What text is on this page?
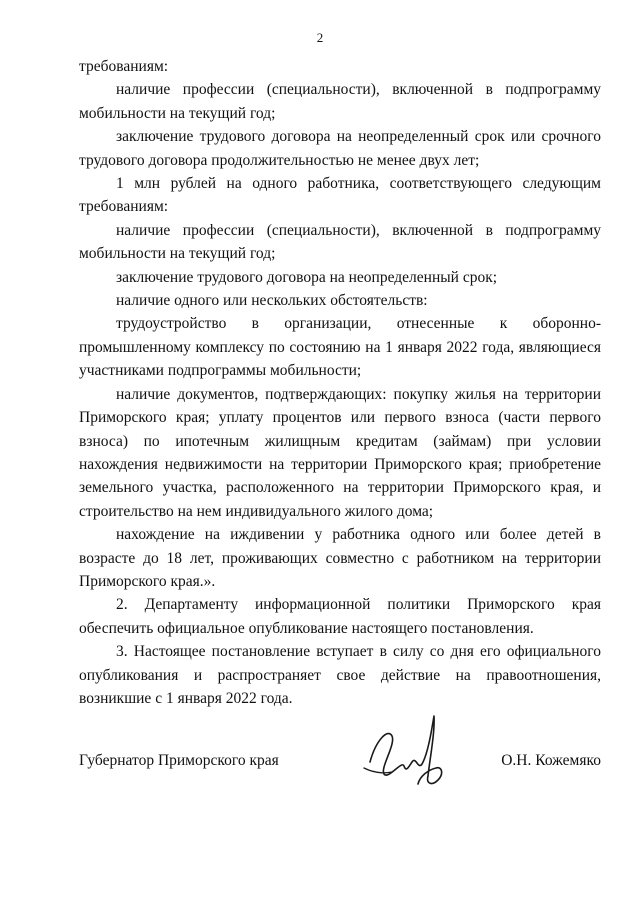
2

требованиям:

наличие профессии (специальности), включенной в подпрограмму мобильности на текущий год;

заключение трудового договора на неопределенный срок или срочного трудового договора продолжительностью не менее двух лет;

1 млн рублей на одного работника, соответствующего следующим требованиям:

наличие профессии (специальности), включенной в подпрограмму мобильности на текущий год;

заключение трудового договора на неопределенный срок;

наличие одного или нескольких обстоятельств:

трудоустройство в организации, отнесенные к оборонно-промышленному комплексу по состоянию на 1 января 2022 года, являющиеся участниками подпрограммы мобильности;

наличие документов, подтверждающих: покупку жилья на территории Приморского края; уплату процентов или первого взноса (части первого взноса) по ипотечным жилищным кредитам (займам) при условии нахождения недвижимости на территории Приморского края; приобретение земельного участка, расположенного на территории Приморского края, и строительство на нем индивидуального жилого дома;

нахождение на иждивении у работника одного или более детей в возрасте до 18 лет, проживающих совместно с работником на территории Приморского края.».

2. Департаменту информационной политики Приморского края обеспечить официальное опубликование настоящего постановления.

3. Настоящее постановление вступает в силу со дня его официального опубликования и распространяет свое действие на правоотношения, возникшие с 1 января 2022 года.

Губернатор Приморского края	О.Н. Кожемяко
